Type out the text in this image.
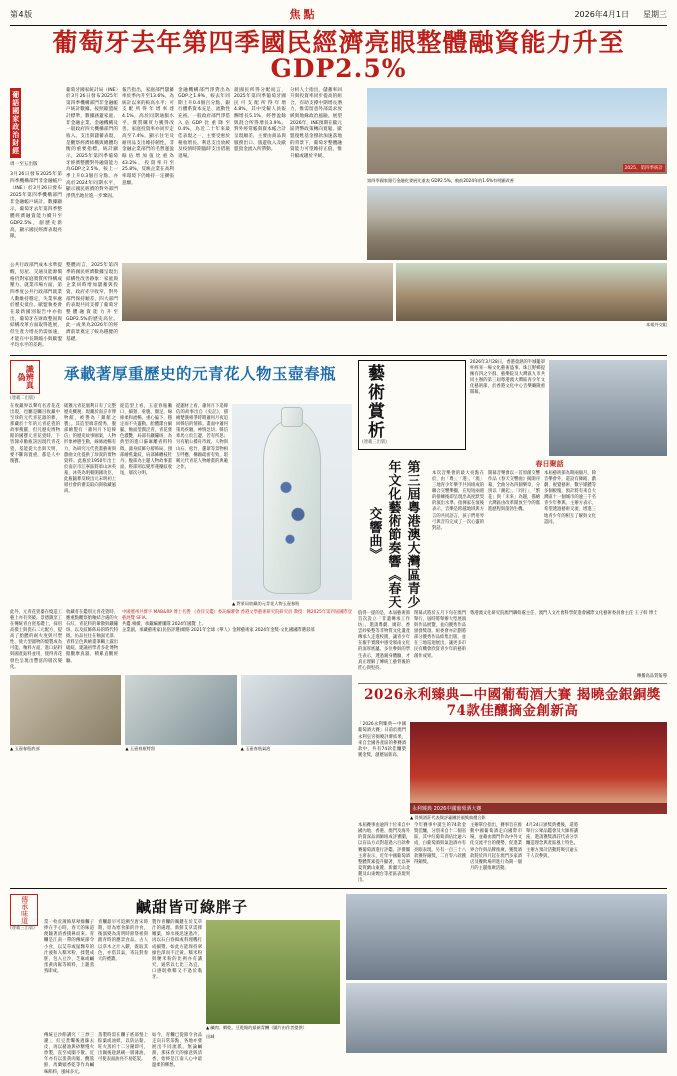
第4版	焦點	2026年4月1日 星期三
葡萄牙去年第四季國民經濟亮眼整體融資能力升至GDP2.5%
葡語國家政治財經
周一至五出版
3月26日發布2025年第四季機構部門非金融帳戶（INE）於3月26日發布2025年第四季機構部門非金融帳戶統計。數據顯示，葡萄牙去年第四季整體經濟融資能力續升至GDP2.5%，創歷史新高，顯示國民經濟表現亮眼。
葡萄牙國家統計局（INE）於3月26日發布2025年第四季機構部門非金融帳戶統計數據。按照歐盟統計標準，數據涵蓋家庭、非金融企業、金融機構及一般政府四大機構部門的收入、支出與儲蓄表現，是觀察經濟結構與總體均衡的重要指標。統計顯示，2025年第四季葡萄牙經濟整體對外融資能力為GDP之2.5%，較上一季上升0.3個百分點，亦高於2024年同期水平，顯示國民經濟的對外部門淨貸出地位進一步鞏固。
報告指出，家庭部門儲蓄率於季內升至13.6%，為統計以來的較高水平；可支配所得年增率達4.1%，高於同期通脹水平，實質購買力獲得改善。家庭投資率亦同步走高至7.4%，顯示住宅及耐用品支出維持韌性。非金融企業部門的毛營運盈餘佔增加值比重為43.2%，投資率升至25.8%，反映企業在高利率環境下仍維持一定擴張意願。
金融機構部門淨貸出為GDP之1.9%，較去年同期上升0.4個百分點，銀行體系資本充足、流動性充裕。一般政府部門淨借入佔GDP比重降至0.4%，為近二十年來最佳表現之一，主要受惠於稅收增長、利息支出放緩及疫情時期臨時支出措施退場。
就國民所得分配而言，2025年第四季葡萄牙國民可支配所得年增4.8%，其中受僱人員報酬增長5.1%，經營盈餘與混合所得增長3.9%。對外經常帳與資本帳合計呈現順差，主要由商品與服務出口、旅遊收入及歐盟資金流入所帶動。
分析人士指出，儲蓄率回升與投資率同步提高的組合，有助支撐中期增長潛力，惟需留意外部需求放緩與地緣政治風險。展望2026年，INE預期在歐元區貨幣政策轉向寬鬆、歐盟復甦基金撥款加速落地的背景下，葡萄牙整體融資能力可望維持正值，惟升幅或趨於平緩。
2025、第四季統計
第四季國家銀行金融化發展比重表 GDP2.5%，較前2024年的1.6%有明顯改善
公共行政部門成本水準提醒，房屋、交通及能源價格仍對家庭實質所得構成壓力。就業市場方面，第四季度公共行政部門就業人數維持穩定，失業率處於歷史低位。歐盟執委會在最新國別報告中亦指出，葡萄牙在財政整固與結構改革方面取得進展，但生產力增長仍需加速，才能在中長期縮小與歐盟平均水平的差距。
整體而言，2025年第四季的國民經濟數據呈現出結構性改善跡象：家庭與企業同時增加儲蓄與投資，政府赤字收窄，對外部門保持順差，四大部門的表現共同支撐了葡萄牙整體融資能力升至GDP2.5%的歷史高位。此一成果為2026年的經濟前景奠定了較為穩健的基礎。
本報外交組
識辨真偽
(連載二出版)
承載著厚重歷史的元青花人物玉壺春瓶
在收藏界以聲有名者花花出現，也屬是矚目收藏中至珍的元代青花器的葬。那藏於十年的元青花瓷的故事搜羅，但凡歷史博物館的國寶元青花瓷時，下皆隸卓勸瓶該因現代青花瓷，基能從大出與天明，要不斷寫置重，都是人中瑰寶。
破獲元青花瓶利日有了完整歷史概稅，現藏於南京市博物館，被譽為「鎮館之寶」。其造型端莊挺秀，腹部繪製有「蕭何月下追韓信」的歷史故事圖案，人物形象神態生動，線條流暢有力，為研究元代瓷畫藝術與戲曲文化提供了珍貴的實物資料。此瓶於1950年出土於南京市江寧區將軍山沐英墓，沐英為明朝開國功臣，此瓶隨葬反映出元末明初上層社會的審美取向與收藏風尚。
從造型上看，玉壺春瓶撇口、細頸、垂腹、圈足，線條柔和流暢，重心偏下，穩定而不失靈動。胎體潔白細膩，釉面瑩潤泛青，青花發色濃艷，局部有鐵鏽斑，為典型的進口蘇麻離青料特徵。器身紋飾分層佈局，頸部繪蕉葉紋，肩部飾纏枝牡丹，腹部為主題人物故事畫面，脛部則以變形蓮瓣紋收尾，層次分明。
從題材上看，蕭何月下追韓信的故事出自《史記》，描繪楚漢相爭時期蕭何月夜追回韓信的情節。畫面中蕭何策馬疾馳，神情急切；韓信牽馬立於江邊，若有所思；另有艄公撐舟待渡。人物與山石、松竹、蘆葦等景物相互呼應，構圖疏密有致，堪稱元代青花人物繪畫的典範之作。
▲ 對景局收藏的元青花人物玉壺春瓶
此外，元青花瓷器在燒造工藝上亦有突破。景德鎮窯工在傳統青白瓷基礎上，採用高嶺土與瓷石二元配方，提高了胎體的耐火度與可塑性，使大型器物的燒製成為可能。釉料方面，進口鈷料與國產鈷料並用，使得青花發色呈現出豐富的層次變化。
收藏者在鑑別元青花瓷時，應重點觀察胎釉結合處的火石紅、青花料的暈散與鐵鏽斑、以及紋飾佈局的時代特徵。仿品往往在釉面光澤、青料呈色與繪畫筆觸上露出破綻。建議初學者多赴博物館觀摩真器，積累直觀經驗。
中國歷州共濟字 MAB&RP 博士名譽 《春洋交鑑》委託編審會 香港文學藝術研究院研究員 教授：陳2025年第四屆國際登藝展覽 SFIA。
共鑑.相續，承藏編審團隊 2024年國覽 上。
企業副，承藏藝術家(民俗評選)網絡 2021年全球《華人》金牌藝術家 2024年金獎·文化國國際選彩部
▲ 玉壺春瓶底部	▲ 玉壺春瓶特寫	▲ 玉壺春瓶氣泡
藝術賞析
(連載三出版)
2026年3月28日，香港童熱的半城籠罩杯經來一場文化藝術盛事。珠江野鄉提擁有四之字群、藝樂院及大灣區九市共同主辦的第三屆粵港澳大灣區青少年文化藝術節，於香港文化中心音樂廳隆重開幕。
第三屆粵港澳大灣區青少年文化藝術節奏響《春天交響曲》
春日聚話
本次音樂會的最大亮點在於，由「粵」、「港」、「澳」三地青少年樂手共同組成的聯合交響樂團，在短短兩週的排練後即呈現出高度默契的演出水準。指揮家在演後表示，音樂是跨越地域與方言的共同語言，孩子們用琴弓與音符完成了一次心靈的對話。
開幕音樂會以一首原創交響作品《春天交響曲》揭開序幕，全曲分為四個樂章，分別以「潮起」、「同行」、「繁花」與「未來」為題，描繪大灣區由改革開放至今的奮進歷程與蓬勃生機。
本屆藝術節為期兩個月，除音樂會外，還設有舞蹈、戲劇、視覺藝術、數字媒體等多個板塊，預計將有來自大灣區十一個城市的逾三千名青少年參與。主辦方表示，希望透過藝術交流，增進三地青少年的相互了解與文化認同。
值得一提的是，本屆藝術節首次設立「非遺傳承工作坊」，邀請粵劇、廣彩、香雲紗染整等非物質文化遺產傳承人走進校園，讓青少年在親手實踐中感受嶺南文化的深厚底蘊。多位參與的學生表示，透過親身體驗，才真正理解了傳統工藝背後的匠心與堅持。
閉幕式將於五月下旬在澳門舉行，屆時將舉辦大型展演與作品展覽，並向優秀作品頒發獎項。組委會亦計劃將部分優秀作品結集出版，並在三地巡迴展出，讓更多市民有機會欣賞青少年的藝術創作成果。
粵港澳文化研究院澳門聯絡處主任、澳門人文社會科學促進會國際文化藝術委員會主任 王子軒 博士
傳播高品質報導
2026永利臻典—中國葡萄酒大賽 揭曉金銀銅獎 74款佳釀摘金創新高
「2026永利臻典—中國葡萄酒大賽」日前於澳門永利皇宮揭曉評審結果，來自全國各產區的參賽酒款中，共有74款佳釀榮獲金獎，創歷屆新高。
永利臻典 2026中國葡萄酒大賽
▲ 得獎酒莊代表與評審團於頒獎典禮合影
本屆賽事由逾四十位來自中國內地、香港、澳門及海外的資深品酒師組成評審團，以盲品方式對超過六百款參賽葡萄酒進行評鑑。評審團主席表示，近年中國葡萄酒整體質素提升顯著，尤以寧夏賀蘭山東麓、新疆天山北麓及山東煙台等產區表現突出。
今年賽事中誕生的74款金獎佳釀，分別來自十二個省區，其中紅葡萄酒佔比逾六成，白葡萄酒與氣泡酒亦有亮眼表現。另有一百三十八款獲得銀獎，二百零六款獲得銅獎。
主辦單位指出，賽事旨在推動中國葡萄酒走向國際市場，並藉由澳門作為中外文化交流平台的優勢，促進業界合作與品牌推廣。獲獎酒款將於四月起在澳門多家酒店及餐飲場所進行為期一個月的主題推廣活動。
4月24日頒獎典禮後，還將舉行公眾品鑑會及大師班講座，邀請獲獎酒莊代表分享釀造理念與產區風土特色。主辦方預計活動將吸引逾五千人次參與。
傳承味道
(連載三出版)
鹹甜皆可綠胖子
當一枚皮薄餡厚翠綠糰子捧在手心時，春天的味道便隨著清香撲鼻而來。青糰是江南一帶的傳統節令小食，以艾草或鼠麴草的汁液和入糯米粉，揉製成胚，包入豆沙、芝麻或鹹蛋黃肉鬆等餡料，上籠蒸熟即成。
青糰最早可追溯至唐宋時期，原為寒食節的冷食，後演變為清明時節祭祖與踏青時的應景食品。古人以草木之汁入饌，既取其色，亦借其氣，寄託對春天的禮讚。
製作青糰的關鍵在於艾草汁的處理。新鮮艾草需擇嫩葉，焯水後迅速過冷，再以石臼舂搗或料理機打成細漿，如此方能保持翠綠色澤而不泛黃。糯米粉與粳米粉的比例亦有講究，通常以七比三為宜，口感既軟糯又不過於黏牙。
▲ 鹹肉、蝦乾、豆乾餡的最新青糰（圖片由作者提供）
傳統豆沙餡講究「三炒三濾」，紅豆煮爛後過篩去皮，再以豬油與砂糖慢火炒製，直至成團不散。近年亦有以蛋黃肉鬆、醃篤鮮、馬蘭頭香乾等作為鹹味餡料，風味多元。
蒸製時需在糰子底部墊上粽葉或油紙，以防沾黏。旺火蒸約十二分鐘即可，出鍋後趁熱刷一層薄油，可使表面油亮不易乾裂。
如今，青糰已從節令食品走向日常茶點，各地亦發展出不同流派。無論鹹甜，那抹春天的綠意與清香，始終是江南人心中最溫柔的鄉愁。
田城
